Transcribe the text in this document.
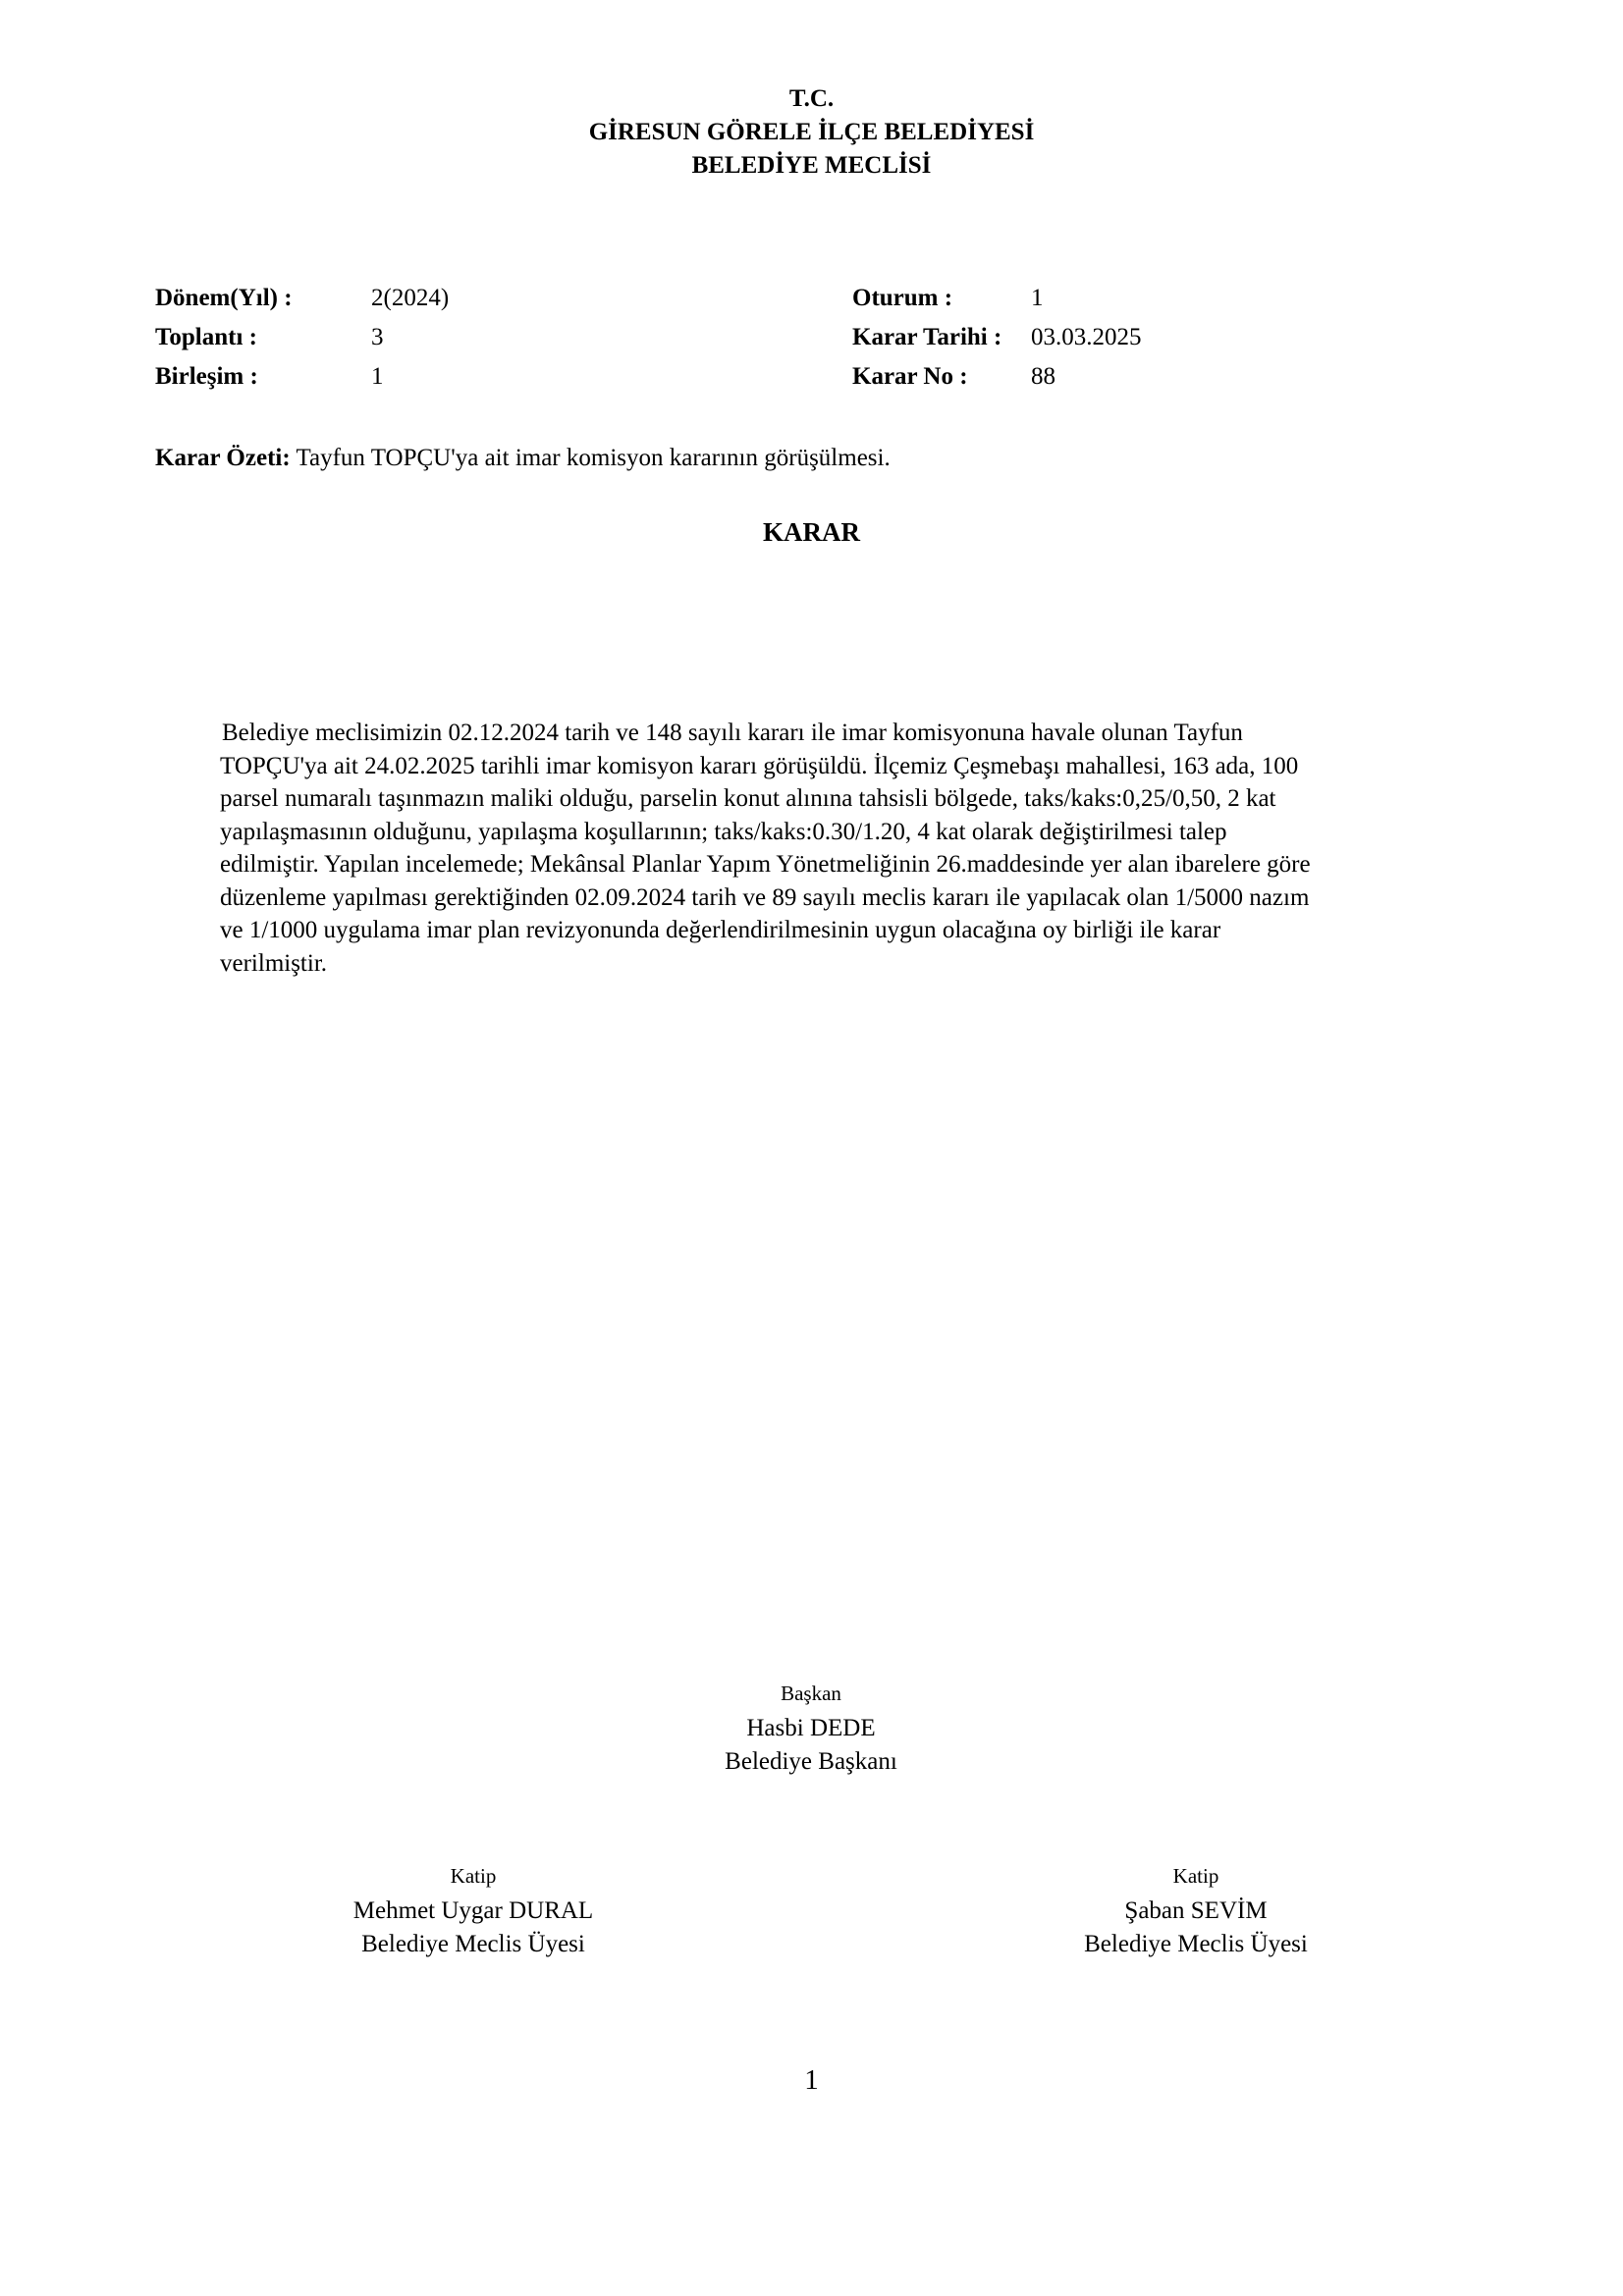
T.C.
GİRESUN GÖRELE İLÇE BELEDİYESİ
BELEDİYE MECLİSİ
Dönem(Yıl) :	2(2024)	Oturum :	1
Toplantı :	3	Karar Tarihi : 03.03.2025
Birleşim :	1	Karar No :	88
Karar Özeti: Tayfun TOPÇU'ya ait imar komisyon kararının görüşülmesi.
KARAR
Belediye meclisimizin 02.12.2024 tarih ve 148 sayılı kararı ile imar komisyonuna havale olunan Tayfun
TOPÇU'ya ait 24.02.2025 tarihli imar komisyon kararı görüşüldü. İlçemiz Çeşmebaşı mahallesi, 163 ada, 100
parsel numaralı taşınmazın maliki olduğu, parselin konut alınına tahsisli bölgede, taks/kaks:0,25/0,50, 2 kat
yapılaşmasının olduğunu, yapılaşma koşullarının; taks/kaks:0.30/1.20, 4 kat olarak değiştirilmesi talep
edilmiştir. Yapılan incelemede; Mekânsal Planlar Yapım Yönetmeliğinin 26.maddesinde yer alan ibarelere göre
düzenleme yapılması gerektiğinden 02.09.2024 tarih ve 89 sayılı meclis kararı ile yapılacak olan 1/5000 nazım
ve 1/1000 uygulama imar plan revizyonunda değerlendirilmesinin uygun olacağına oy birliği ile karar
verilmiştir.
Başkan
Hasbi DEDE
Belediye Başkanı
Katip
Mehmet Uygar DURAL
Belediye Meclis Üyesi
Katip
Şaban SEVİM
Belediye Meclis Üyesi
1
